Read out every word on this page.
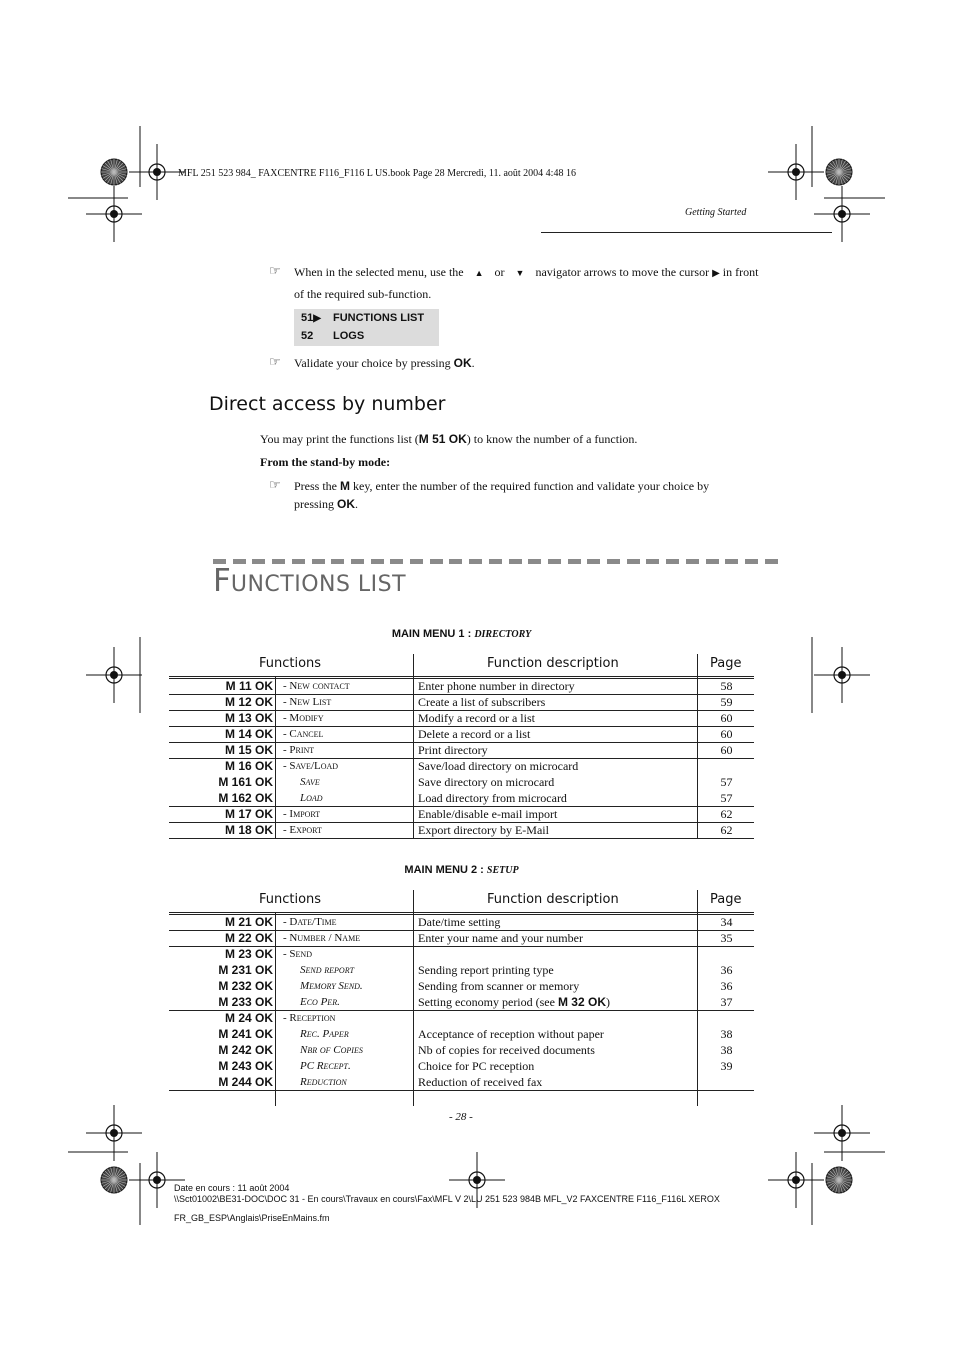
MFL 251 523 984_ FAXCENTRE F116_F116 L US.book Page 28 Mercredi, 11. août 2004 4:48 16
Getting Started
☞ When in the selected menu, use the ▲ or ▼ navigator arrows to move the cursor ▶ in front
of the required sub-function.
51▶ FUNCTIONS LIST
52 LOGS
☞ Validate your choice by pressing OK.
Direct access by number
You may print the functions list (M 51 OK) to know the number of a function.
From the stand-by mode:
☞ Press the M key, enter the number of the required function and validate your choice by
pressing OK.
FUNCTIONS LIST
MAIN MENU 1 : DIRECTORY
Functions	Function description	Page
M 11 OK - New contact	Enter phone number in directory	58
M 12 OK - New List	Create a list of subscribers	59
M 13 OK - Modify	Modify a record or a list	60
M 14 OK - Cancel	Delete a record or a list	60
M 15 OK - Print	Print directory	60
M 16 OK - Save/Load	Save/load directory on microcard
M 161 OK Save	Save directory on microcard	57
M 162 OK Load	Load directory from microcard	57
M 17 OK - Import	Enable/disable e-mail import	62
M 18 OK - Export	Export directory by E-Mail	62
MAIN MENU 2 : SETUP
Functions	Function description	Page
M 21 OK - Date/Time	Date/time setting	34
M 22 OK - Number / Name	Enter your name and your number	35
M 23 OK - Send
M 231 OK Send report	Sending report printing type	36
M 232 OK Memory Send.	Sending from scanner or memory	36
M 233 OK Eco Per.	Setting economy period (see M 32 OK)	37
M 24 OK - Reception
M 241 OK Rec. Paper	Acceptance of reception without paper	38
M 242 OK Nbr of Copies	Nb of copies for received documents	38
M 243 OK PC Recept.	Choice for PC reception	39
M 244 OK Reduction	Reduction of received fax
- 28 -
Date en cours : 11 août 2004
\\Sct01002\BE31-DOC\DOC 31 - En cours\Travaux en cours\Fax\MFL V 2\LU 251 523 984B MFL_V2 FAXCENTRE F116_F116L XEROX
FR_GB_ESP\Anglais\PriseEnMains.fm
